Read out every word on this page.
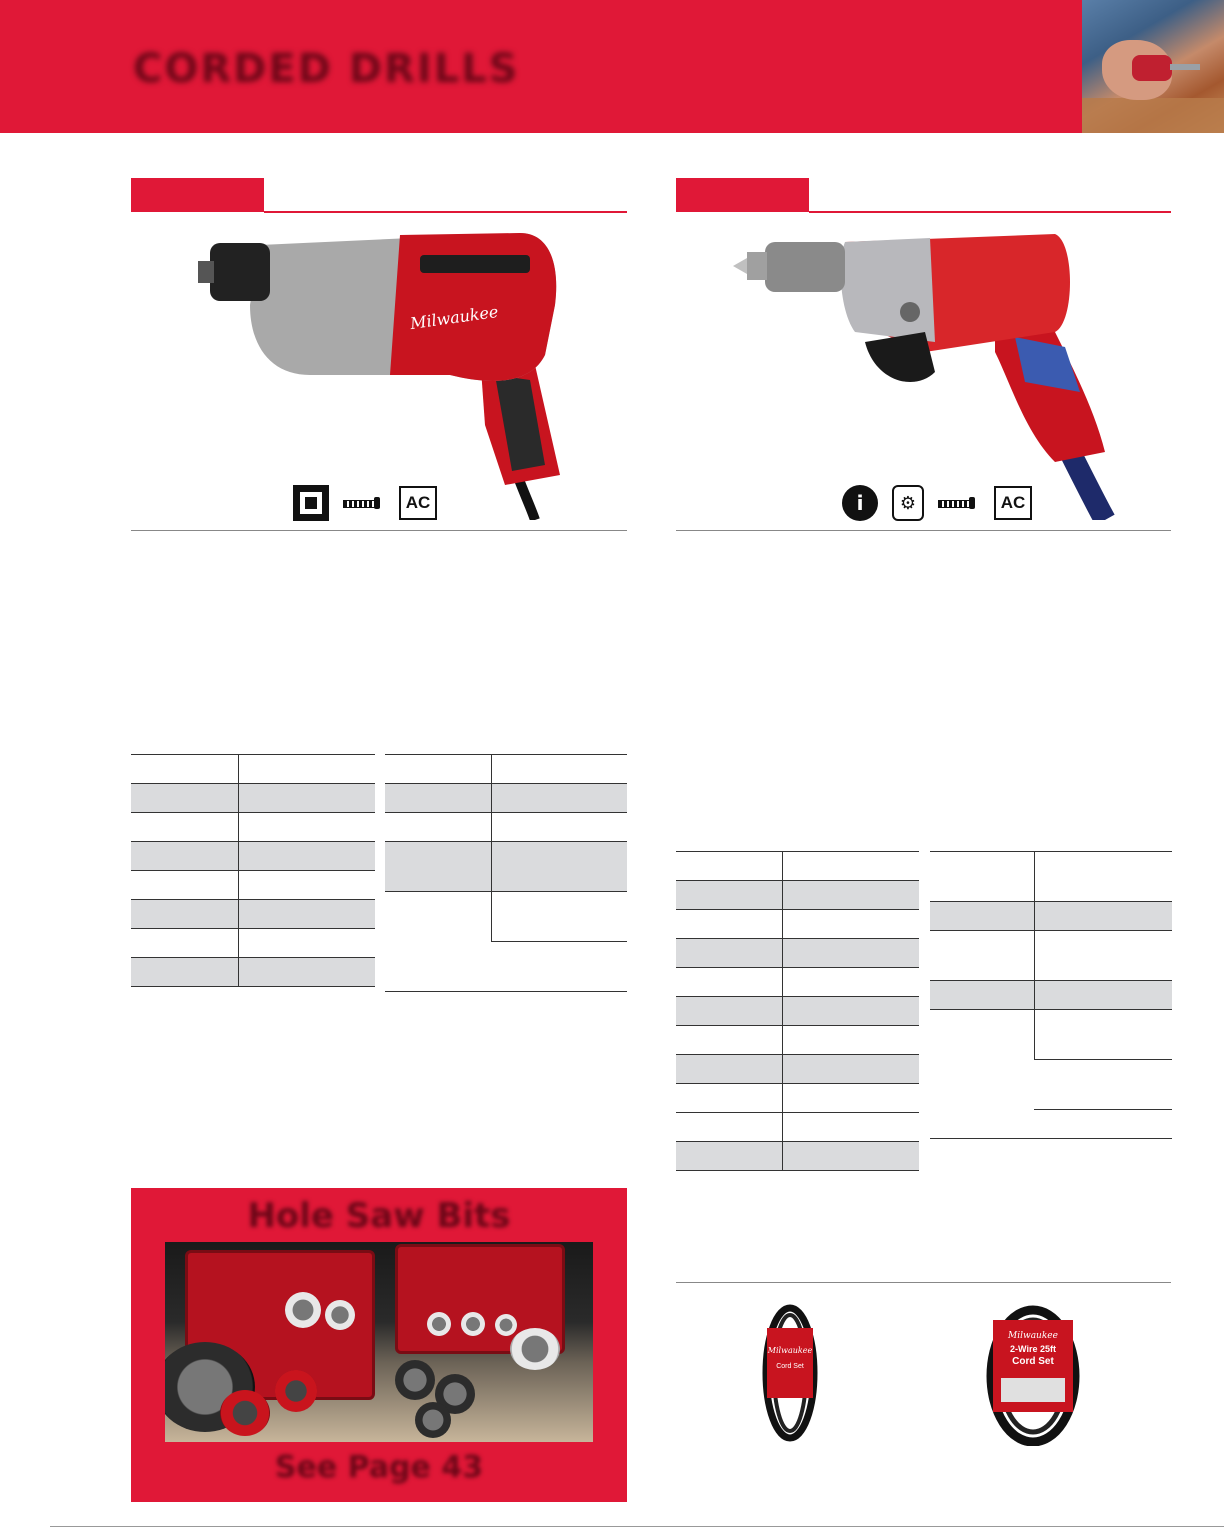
CORDED DRILLS
Milwaukee
AC	i	⚙	AC

Hole Saw Bits
See Page 43
Milwaukee
Cord Set
Milwaukee
2-Wire 25ft
Cord Set
